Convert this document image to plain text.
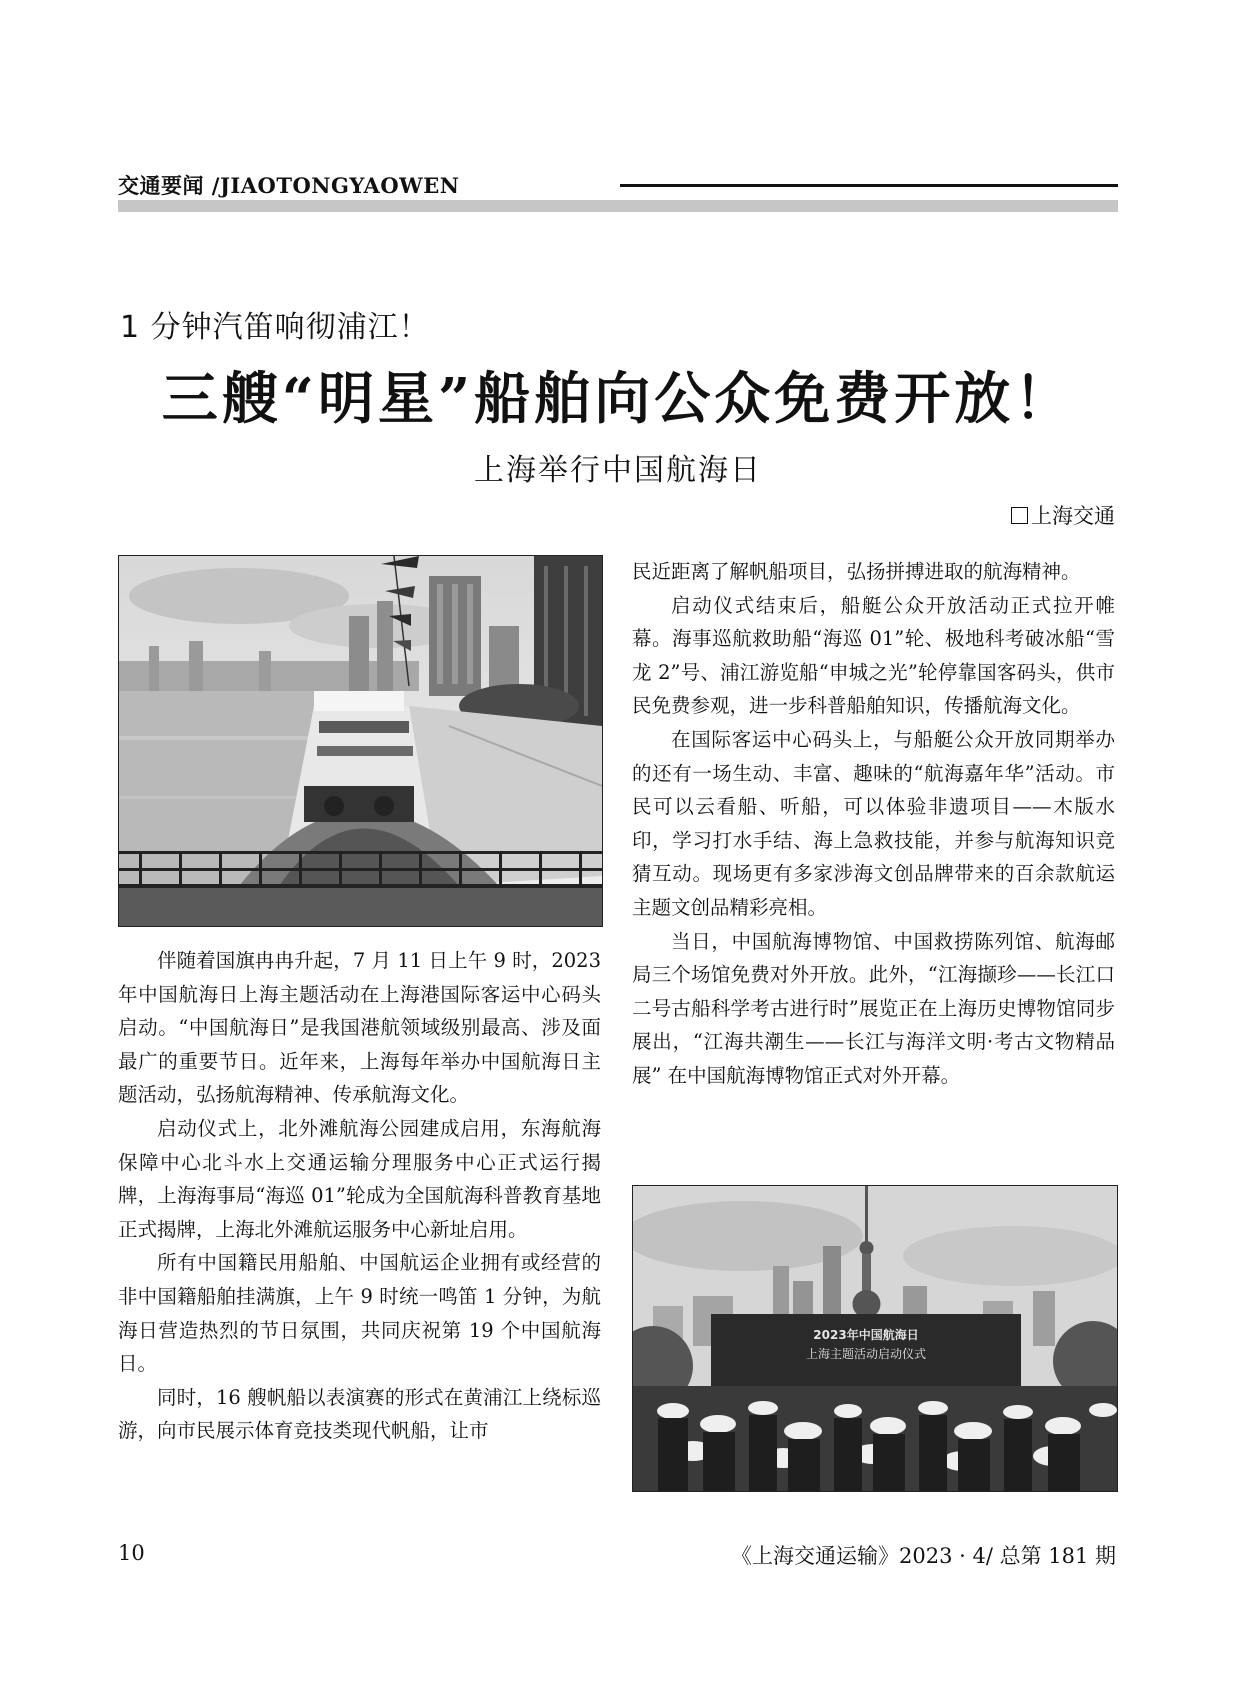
交通要闻 /JIAOTONGYAOWEN
1 分钟汽笛响彻浦江！
三艘“明星”船舶向公众免费开放！
上海举行中国航海日
上海交通

伴随着国旗冉冉升起，7 月 11 日上午 9 时，2023 年中国航海日上海主题活动在上海港国际客运中心码头启动。“中国航海日”是我国港航领域级别最高、涉及面最广的重要节日。近年来，上海每年举办中国航海日主题活动，弘扬航海精神、传承航海文化。

启动仪式上，北外滩航海公园建成启用，东海航海保障中心北斗水上交通运输分理服务中心正式运行揭牌，上海海事局“海巡 01”轮成为全国航海科普教育基地正式揭牌，上海北外滩航运服务中心新址启用。

所有中国籍民用船舶、中国航运企业拥有或经营的非中国籍船舶挂满旗，上午 9 时统一鸣笛 1 分钟，为航海日营造热烈的节日氛围，共同庆祝第 19 个中国航海日。

同时，16 艘帆船以表演赛的形式在黄浦江上绕标巡游，向市民展示体育竞技类现代帆船，让市

民近距离了解帆船项目，弘扬拼搏进取的航海精神。

启动仪式结束后，船艇公众开放活动正式拉开帷幕。海事巡航救助船“海巡 01”轮、极地科考破冰船“雪龙 2”号、浦江游览船“申城之光”轮停靠国客码头，供市民免费参观，进一步科普船舶知识，传播航海文化。

在国际客运中心码头上，与船艇公众开放同期举办的还有一场生动、丰富、趣味的“航海嘉年华”活动。市民可以云看船、听船，可以体验非遗项目——木版水印，学习打水手结、海上急救技能，并参与航海知识竞猜互动。现场更有多家涉海文创品牌带来的百余款航运主题文创品精彩亮相。

当日，中国航海博物馆、中国救捞陈列馆、航海邮局三个场馆免费对外开放。此外，“江海撷珍——长江口二号古船科学考古进行时”展览正在上海历史博物馆同步展出，“江海共潮生——长江与海洋文明·考古文物精品展” 在中国航海博物馆正式对外开幕。

2023年中国航海日
上海主题活动启动仪式
10	《上海交通运输》2023 · 4/ 总第 181 期
